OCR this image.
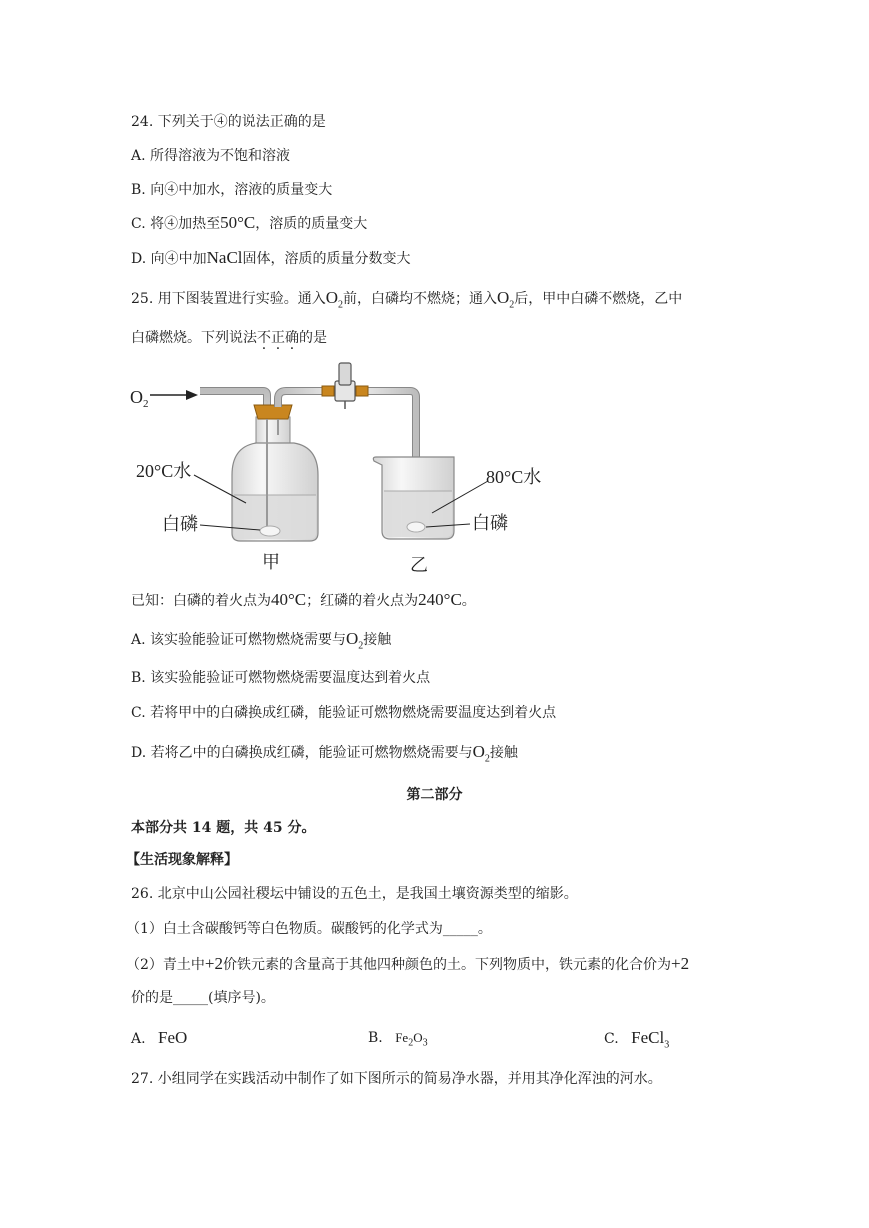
24. 下列关于④的说法正确的是
A. 所得溶液为不饱和溶液
B. 向④中加水，溶液的质量变大
C. 将④加热至50°C，溶质的质量变大
D. 向④中加NaCl固体，溶质的质量分数变大
25. 用下图装置进行实验。通入$O_2$前，白磷均不燃烧；通入$O_2$后，甲中白磷不燃烧，乙中
白磷燃烧。下列说法不正确的是
$O_2$
20°C水
白磷
80°C水
白磷
甲	乙
已知：白磷的着火点为40°C；红磷的着火点为240°C。
A. 该实验能验证可燃物燃烧需要与$O_2$接触
B. 该实验能验证可燃物燃烧需要温度达到着火点
C. 若将甲中的白磷换成红磷，能验证可燃物燃烧需要温度达到着火点
D. 若将乙中的白磷换成红磷，能验证可燃物燃烧需要与$O_2$接触
第二部分
本部分共 14 题，共 45 分。
【生活现象解释】
26. 北京中山公园社稷坛中铺设的五色土，是我国土壤资源类型的缩影。
（1）白土含碳酸钙等白色物质。碳酸钙的化学式为_____。
（2）青土中+2价铁元素的含量高于其他四种颜色的土。下列物质中，铁元素的化合价为+2
价的是_____(填序号)。
A. FeO	B. $Fe_2O_3$	C. FeCl$_3$
27. 小组同学在实践活动中制作了如下图所示的简易净水器，并用其净化浑浊的河水。
